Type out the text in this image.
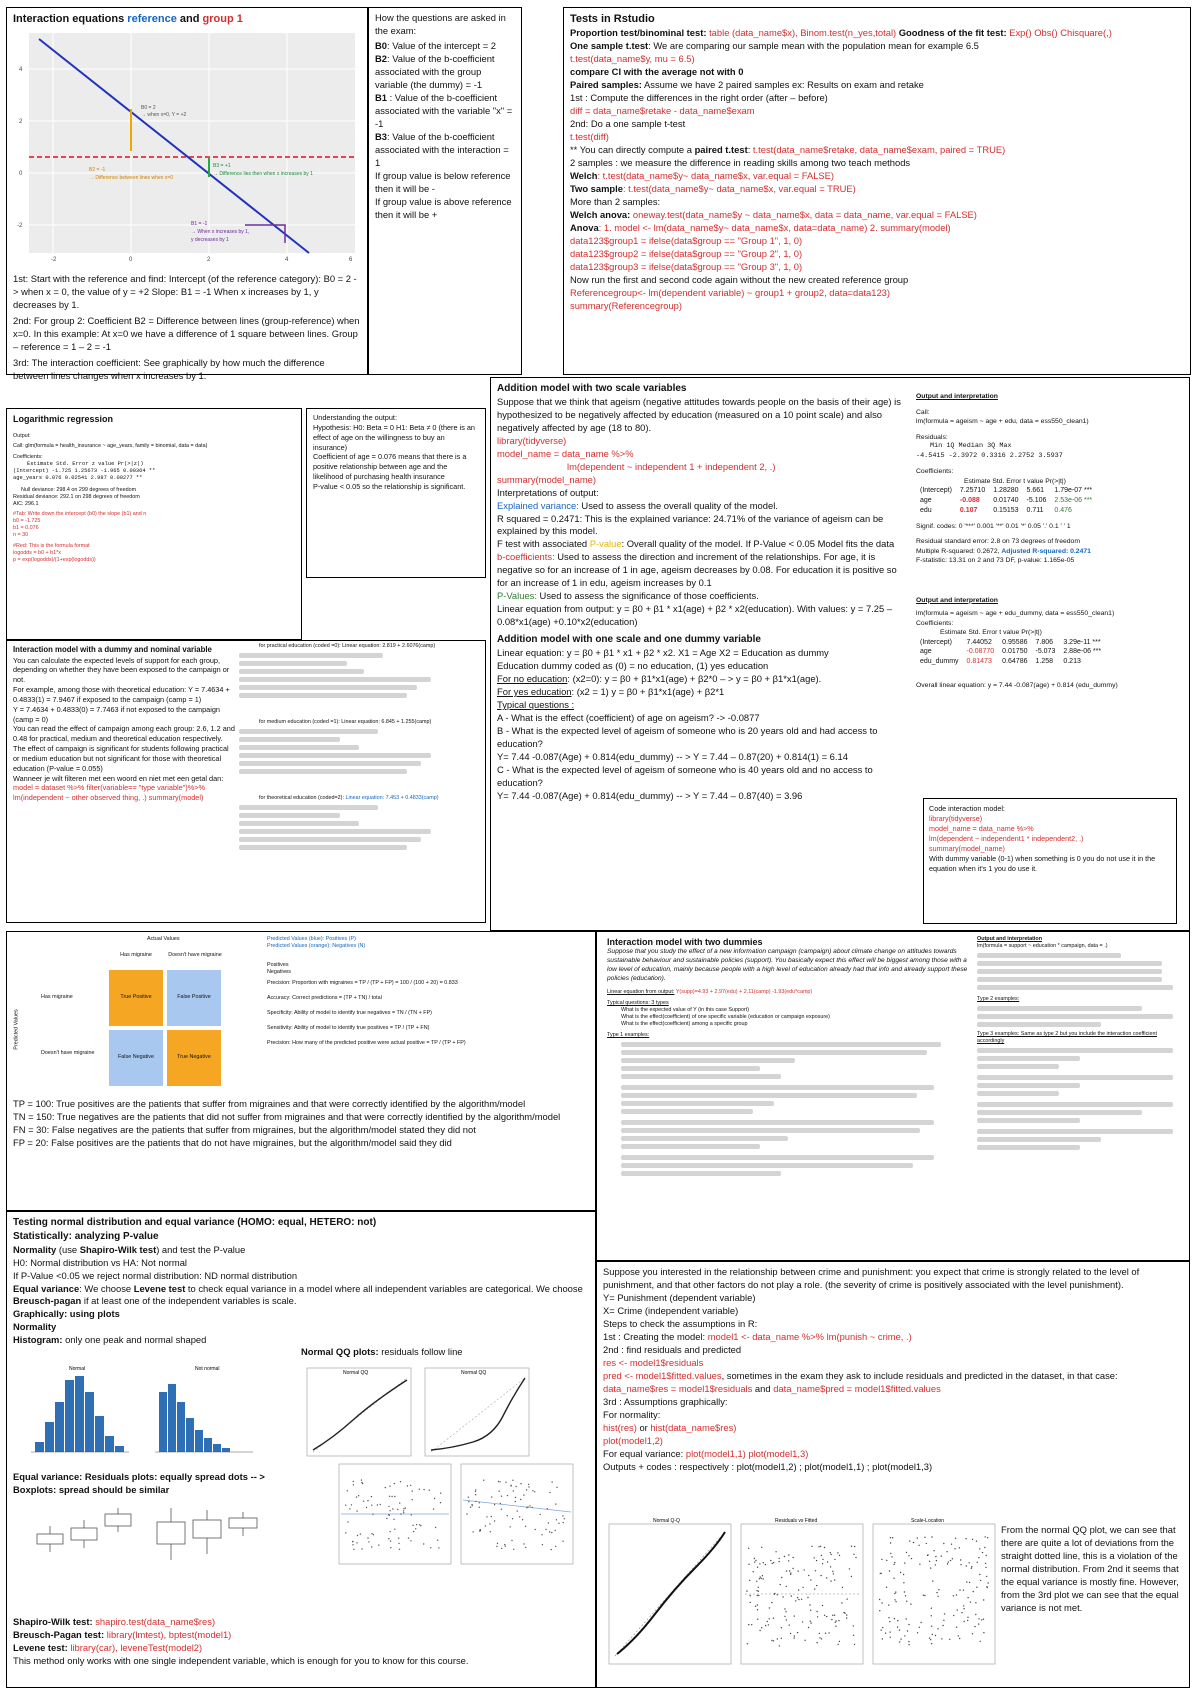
Interaction equations reference and group 1

B0 = 2
→ when x=0, Y = +2
B2 = -1
→ Difference between lines when x=0
B3 = +1
→ Difference lies then when x increases by 1
B1 = -1
→ When x increases by 1,
y decreases by 1
-2	0	2	4	6
4
2
0
-2

1st: Start with the reference and find: Intercept (of the reference category): B0 = 2 -> when x = 0, the value of y = +2 Slope: B1 = -1 When x increases by 1, y decreases by 1.

2nd: For group 2: Coefficient B2 = Difference between lines (group-reference) when x=0. In this example: At x=0 we have a difference of 1 square between lines. Group – reference = 1 – 2 = -1

3rd: The interaction coefficient: See graphically by how much the difference between lines changes when x increases by 1.

How the questions are asked in the exam:

B0: Value of the intercept = 2

B2: Value of the b-coefficient associated with the group variable (the dummy) = -1

B1 : Value of the b-coefficient associated with the variable "x" = -1

B3: Value of the b-coefficient associated with the interaction = 1

If group value is below reference then it will be -

If group value is above reference then it will be +

Tests in Rstudio

Proportion test/binominal test: table (data_name$x), Binom.test(n_yes,total) Goodness of the fit test: Exp() Obs() Chisquare(,)

One sample t.test: We are comparing our sample mean with the population mean for example 6.5

t.test(data_name$y, mu = 6.5)

compare CI with the average not with 0

Paired samples: Assume we have 2 paired samples ex: Results on exam and retake

1st : Compute the differences in the right order (after – before)

diff = data_name$retake - data_name$exam

2nd: Do a one sample t-test

t.test(diff)

** You can directly compute a paired t.test: t.test(data_name$retake, data_name$exam, paired = TRUE)

2 samples : we measure the difference in reading skills among two teach methods

Welch: t.test(data_name$y~ data_name$x, var.equal = FALSE)

Two sample: t.test(data_name$y~ data_name$x, var.equal = TRUE)

More than 2 samples:

Welch anova: oneway.test(data_name$y ~ data_name$x, data = data_name, var.equal = FALSE)

Anova: 1. model <- lm(data_name$y~ data_name$x, data=data_name) 2. summary(model)

data123$group1 = ifelse(data$group == "Group 1", 1, 0)

data123$group2 = ifelse(data$group == "Group 2", 1, 0)

data123$group3 = ifelse(data$group == "Group 3", 1, 0)

Now run the first and second code again without the new created reference group

Referencegroup<- lm(dependent variable) ~ group1 + group2, data=data123)

summary(Referencegroup)

Logarithmic regression

Output:

Call: glm(formula = health_insurance ~ age_years, family = binomial, data = data)

Coefficients:

Estimate Std. Error z value Pr(>|z|)

(Intercept) -1.725 1.25673 -1.965 0.00364 **

age_years 0.076 0.02541 2.987 0.00277 **

Null deviance: 298.4 on 299 degrees of freedom

Residual deviance: 292.1 on 298 degrees of freedom

AIC: 296.1

#Tab: Write down the intercept (b0) the slope (b1) and n

b0 = -1.725

b1 = 0.076

n = 30

#Red: This is the formula format

logodds = b0 + b1*x

p = exp(logodds)/(1+exp(logodds))

Understanding the output:

Hypothesis: H0: Beta = 0 H1: Beta ≠ 0 (there is an effect of age on the willingness to buy an insurance)

Coefficient of age = 0.076 means that there is a positive relationship between age and the likelihood of purchasing health insurance

P-value < 0.05 so the relationship is significant.

Interaction model with a dummy and nominal variable

You can calculate the expected levels of support for each group, depending on whether they have been exposed to the campaign or not.

For example, among those with theoretical education: Y = 7.4634 + 0.4833(1) = 7.9467 if exposed to the campaign (camp = 1)

Y = 7.4634 + 0.4833(0) = 7.7463 if not exposed to the campaign (camp = 0)

You can read the effect of campaign among each group: 2.6, 1.2 and 0.48 for practical, medium and theoretical education respectively. The effect of campaign is significant for students following practical or medium education but not significant for those with theoretical education (P-value = 0.055)

Wanneer je wilt filteren met een woord en niet met een getal dan:

model = dataset %>% filter(variable== "type variable")%>% lm(independent ~ other observed thing, .) summary(model)

for practical education (coded =0): Linear equation: 2.819 + 2.6076(camp)

for medium education (coded =1): Linear equation: 6.845 + 1.255(camp)

for theoretical education (coded=2): Linear equation: 7.453 + 0.4833(camp)

Addition model with two scale variables

Suppose that we think that ageism (negative attitudes towards people on the basis of their age) is hypothesized to be negatively affected by education (measured on a 10 point scale) and also negatively affected by age (18 to 80).

library(tidyverse)

model_name = data_name %>%

lm(dependent ~ independent 1 + independent 2, .)

summary(model_name)

Interpretations of output:

Explained variance: Used to assess the overall quality of the model.

R squared = 0.2471: This is the explained variance: 24.71% of the variance of ageism can be explained by this model.

F test with associated P-value: Overall quality of the model. If P-Value < 0.05 Model fits the data

b-coefficients: Used to assess the direction and increment of the relationships. For age, it is negative so for an increase of 1 in age, ageism decreases by 0.08. For education it is positive so for an increase of 1 in edu, ageism increases by 0.1

P-Values: Used to assess the significance of those coefficients.

Linear equation from output: y = β0 + β1 * x1(age) + β2 * x2(education). With values: y = 7.25 – 0.08*x1(age) +0.10*x2(education)

Addition model with one scale and one dummy variable

Linear equation: y = β0 + β1 * x1 + β2 * x2. X1 = Age X2 = Education as dummy

Education dummy coded as (0) = no education, (1) yes education

For no education: (x2=0): y = β0 + β1*x1(age) + β2*0 – > y = β0 + β1*x1(age).

For yes education: (x2 = 1) y = β0 + β1*x1(age) + β2*1

Typical questions :

A - What is the effect (coefficient) of age on ageism? -> -0.0877

B - What is the expected level of ageism of someone who is 20 years old and had access to education?

Y= 7.44 -0.087(Age) + 0.814(edu_dummy) -- > Y = 7.44 – 0.87(20) + 0.814(1) = 6.14

C - What is the expected level of ageism of someone who is 40 years old and no access to education?

Y= 7.44 -0.087(Age) + 0.814(edu_dummy) -- > Y = 7.44 – 0.87(40) = 3.96

Output and interpretation

Call:

lm(formula = ageism ~ age + edu, data = ess550_clean1)

Residuals:

Min 1Q Median 3Q Max

-4.5415 -2.3972 0.3316 2.2752 3.5937

Coefficients:

Estimate Std. Error t value Pr(>|t|)

(Intercept)	7.25710	1.28280	5.661	1.79e-07 ***
age	-0.088	0.01740	-5.106	2.53e-06 ***
edu	0.107	0.15153	0.711	0.476

Signif. codes: 0 '***' 0.001 '**' 0.01 '*' 0.05 '.' 0.1 ' ' 1

Residual standard error: 2.8 on 73 degrees of freedom

Multiple R-squared: 0.2672, Adjusted R-squared: 0.2471

F-statistic: 13.31 on 2 and 73 DF, p-value: 1.165e-05

Output and interpretation

lm(formula = ageism ~ age + edu_dummy, data = ess550_clean1)

Coefficients:

Estimate Std. Error t value Pr(>|t|)

(Intercept)	7.44052	0.95586	7.806	3.29e-11 ***
age	-0.08770	0.01750	-5.073	2.88e-06 ***
edu_dummy	0.81473	0.64786	1.258	0.213

Overall linear equation: y = 7.44 -0.087(age) + 0.814 (edu_dummy)

Code interaction model:

library(tidyverse)

model_name = data_name %>%

lm(dependent ~ independent1 * independent2, .)

summary(model_name)

With dummy variable (0-1) when something is 0 you do not use it in the equation when it's 1 you do use it.

Actual Values

Has migraine	Doesn't have migraine

Predicted Values

Has migraine

Doesn't have migraine

True Positive	False Positive
False Negative	True Negative

Predicted Values (blue): Positives (P)

Predicted Values (orange): Negatives (N)

Positives

Negatives

Precision: Proportion with migraines = TP / (TP + FP) = 100 / (100 + 20) = 0.833

Accuracy: Correct predictions = (TP + TN) / total

Specificity: Ability of model to identify true negatives = TN / (TN + FP)

Sensitivity: Ability of model to identify true positives = TP / (TP + FN)

Precision: How many of the predicted positive were actual positive = TP / (TP + FP)

TP = 100: True positives are the patients that suffer from migraines and that were correctly identified by the algorithm/model

TN = 150: True negatives are the patients that did not suffer from migraines and that were correctly identified by the algorithm/model

FN = 30: False negatives are the patients that suffer from migraines, but the algorithm/model stated they did not

FP = 20: False positives are the patients that do not have migraines, but the algorithm/model said they did

Interaction model with two dummies

Suppose that you study the effect of a new information campaign (campaign) about climate change on attitudes towards sustainable behaviour and sustainable policies (support). You basically expect this effect will be biggest among those with a low level of education, mainly because people with a high level of education already had that info and already support these policies (education).

Linear equation from output: Y(supp)=4.93 + 2.97(edu) + 2.11(camp) -1.93(edu*camp)

Typical questions: 3 types

What is the expected value of Y (in this case Support)

What is the effect(coefficient) of one specific variable (education or campaign exposure)

What is the effect(coefficient) among a specific group

Type 1 examples:

Output and interpretation

lm(formula = support ~ education * campaign, data = .)

Type 2 examples:

Type 3 examples: Same as type 2 but you include the interaction coefficient accordingly

Testing normal distribution and equal variance (HOMO: equal, HETERO: not)

Statistically: analyzing P-value

Normality (use Shapiro-Wilk test) and test the P-value

H0: Normal distribution vs HA: Not normal

If P-Value <0.05 we reject normal distribution: ND normal distribution

Equal variance: We choose Levene test to check equal variance in a model where all independent variables are categorical. We choose Breusch-pagan if at least one of the independent variables is scale.

Graphically: using plots

Normality

Histogram: only one peak and normal shaped

Normal QQ plots: residuals follow line

Normal	Not normal
Normal QQ	Normal QQ

Equal variance: Residuals plots: equally spread dots -- >

Boxplots: spread should be similar

Shapiro-Wilk test: shapiro.test(data_name$res)

Breusch-Pagan test: library(lmtest), bptest(model1)

Levene test: library(car), leveneTest(model2)

This method only works with one single independent variable, which is enough for you to know for this course.

Suppose you interested in the relationship between crime and punishment: you expect that crime is strongly related to the level of punishment, and that other factors do not play a role. (the severity of crime is positively associated with the level punishment).

Y= Punishment (dependent variable)

X= Crime (independent variable)

Steps to check the assumptions in R:

1st : Creating the model: model1 <- data_name %>% lm(punish ~ crime, .)

2nd : find residuals and predicted

res <- model1$residuals

pred <- model1$fitted.values, sometimes in the exam they ask to include residuals and predicted in the dataset, in that case: data_name$res = model1$residuals and data_name$pred = model1$fitted.values

3rd : Assumptions graphically:

For normality:

hist(res) or hist(data_name$res)

plot(model1,2)

For equal variance: plot(model1,1) plot(model1,3)

Outputs + codes : respectively : plot(model1,2) ; plot(model1,1) ; plot(model1,3)

Normal Q-Q	Residuals vs Fitted	Scale-Location

From the normal QQ plot, we can see that there are quite a lot of deviations from the straight dotted line, this is a violation of the normal distribution. From 2nd it seems that the equal variance is mostly fine. However, from the 3rd plot we can see that the equal variance is not met.
